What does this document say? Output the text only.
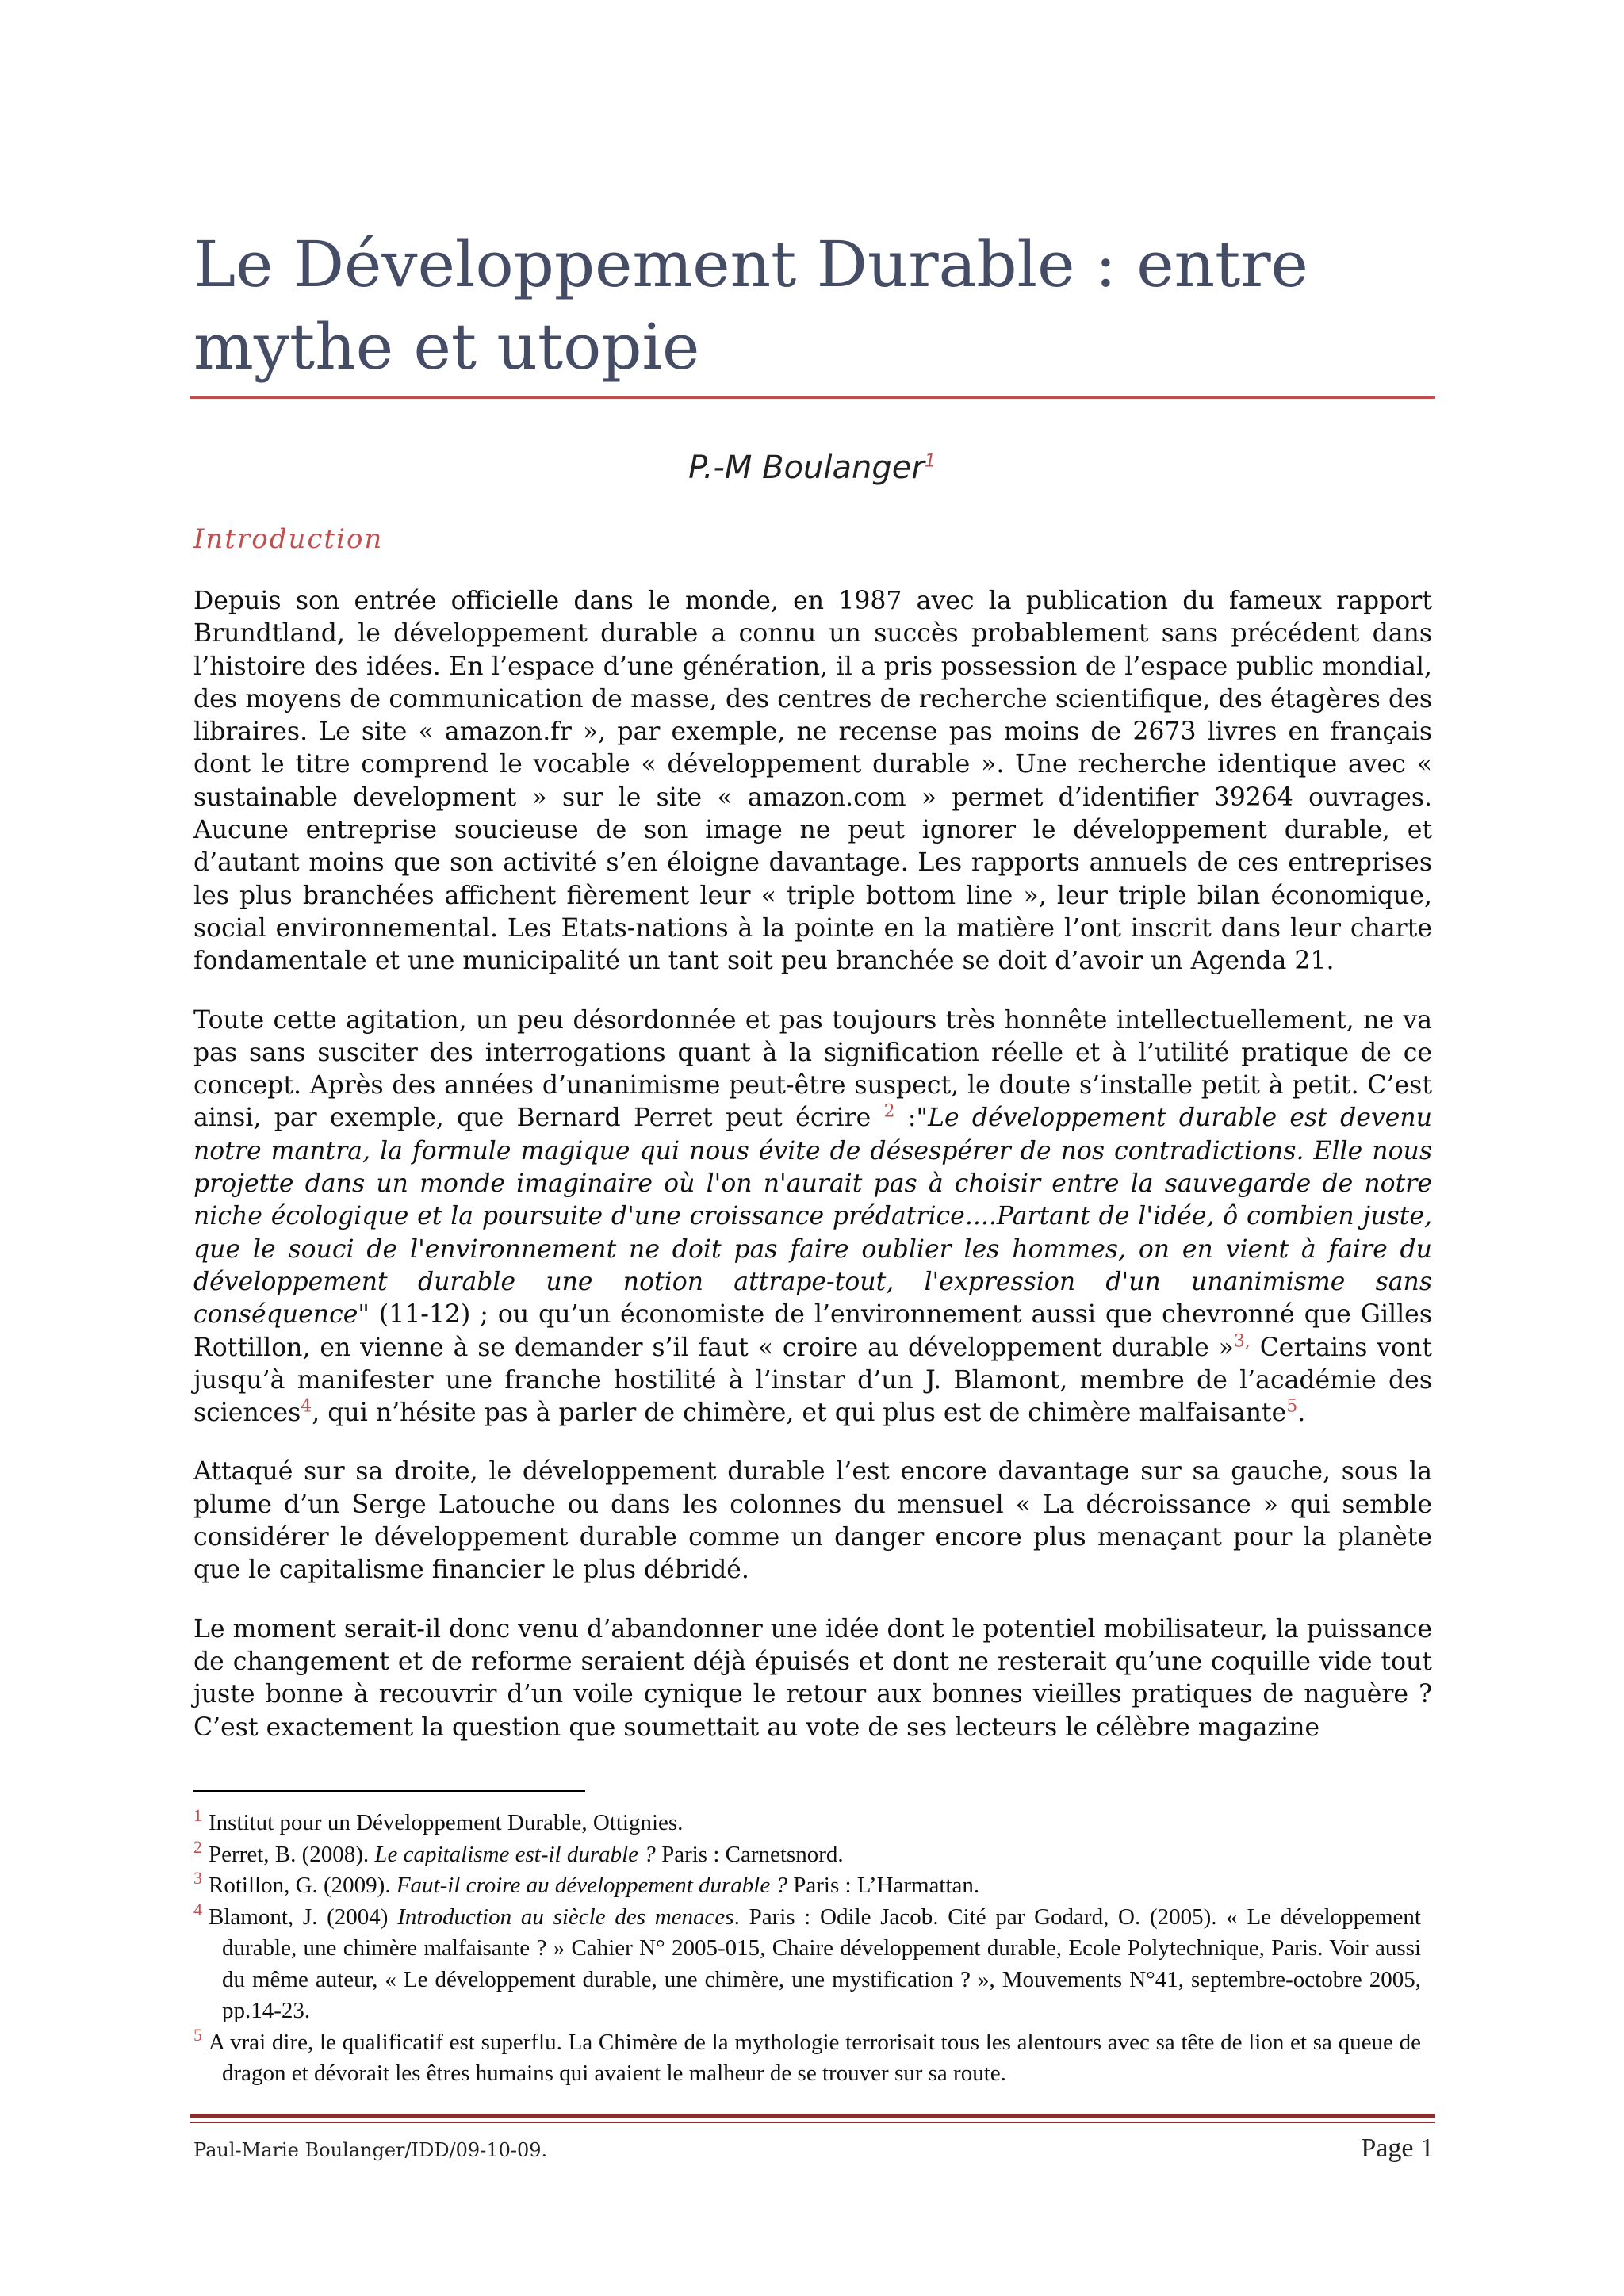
Le Développement Durable : entre mythe et utopie
P.-M Boulanger$^1$
Introduction

Depuis son entrée officielle dans le monde, en 1987 avec la publication du fameux rapport Brundtland, le développement durable a connu un succès probablement sans précédent dans l’histoire des idées. En l’espace d’une génération, il a pris possession de l’espace public mondial, des moyens de communication de masse, des centres de recherche scientifique, des étagères des libraires. Le site « amazon.fr », par exemple, ne recense pas moins de 2673 livres en français dont le titre comprend le vocable « développement durable ». Une recherche identique avec « sustainable development » sur le site « amazon.com » permet d’identifier 39264 ouvrages. Aucune entreprise soucieuse de son image ne peut ignorer le développement durable, et d’autant moins que son activité s’en éloigne davantage. Les rapports annuels de ces entreprises les plus branchées affichent fièrement leur « triple bottom line », leur triple bilan économique, social environnemental. Les Etats-nations à la pointe en la matière l’ont inscrit dans leur charte fondamentale et une municipalité un tant soit peu branchée se doit d’avoir un Agenda 21.

Toute cette agitation, un peu désordonnée et pas toujours très honnête intellectuellement, ne va pas sans susciter des interrogations quant à la signification réelle et à l’utilité pratique de ce concept. Après des années d’unanimisme peut-être suspect, le doute s’installe petit à petit. C’est ainsi, par exemple, que Bernard Perret peut écrire $^2$ :"Le développement durable est devenu notre mantra, la formule magique qui nous évite de désespérer de nos contradictions. Elle nous projette dans un monde imaginaire où l'on n'aurait pas à choisir entre la sauvegarde de notre niche écologique et la poursuite d'une croissance prédatrice....Partant de l'idée, ô combien juste, que le souci de l'environnement ne doit pas faire oublier les hommes, on en vient à faire du développement durable une notion attrape-tout, l'expression d'un unanimisme sans conséquence" (11-12) ; ou qu’un économiste de l’environnement aussi que chevronné que Gilles Rottillon, en vienne à se demander s’il faut « croire au développement durable »$^{3,}$ Certains vont jusqu’à manifester une franche hostilité à l’instar d’un J. Blamont, membre de l’académie des sciences$^4$, qui n’hésite pas à parler de chimère, et qui plus est de chimère malfaisante$^5$.

Attaqué sur sa droite, le développement durable l’est encore davantage sur sa gauche, sous la plume d’un Serge Latouche ou dans les colonnes du mensuel « La décroissance » qui semble considérer le développement durable comme un danger encore plus menaçant pour la planète que le capitalisme financier le plus débridé.

Le moment serait-il donc venu d’abandonner une idée dont le potentiel mobilisateur, la puissance de changement et de reforme seraient déjà épuisés et dont ne resterait qu’une coquille vide tout juste bonne à recouvrir d’un voile cynique le retour aux bonnes vieilles pratiques de naguère ? C’est exactement la question que soumettait au vote de ses lecteurs le célèbre magazine

$^1$ Institut pour un Développement Durable, Ottignies.
$^2$ Perret, B. (2008). Le capitalisme est-il durable ? Paris : Carnetsnord.
$^3$ Rotillon, G. (2009). Faut-il croire au développement durable ? Paris : L’Harmattan.
$^4$ Blamont, J. (2004) Introduction au siècle des menaces. Paris : Odile Jacob. Cité par Godard, O. (2005). « Le développement durable, une chimère malfaisante ? » Cahier N° 2005-015, Chaire développement durable, Ecole Polytechnique, Paris. Voir aussi du même auteur, « Le développement durable, une chimère, une mystification ? », Mouvements N°41, septembre-octobre 2005, pp.14-23.
$^5$ A vrai dire, le qualificatif est superflu. La Chimère de la mythologie terrorisait tous les alentours avec sa tête de lion et sa queue de dragon et dévorait les êtres humains qui avaient le malheur de se trouver sur sa route.
Paul-Marie Boulanger/IDD/09-10-09.	Page 1
